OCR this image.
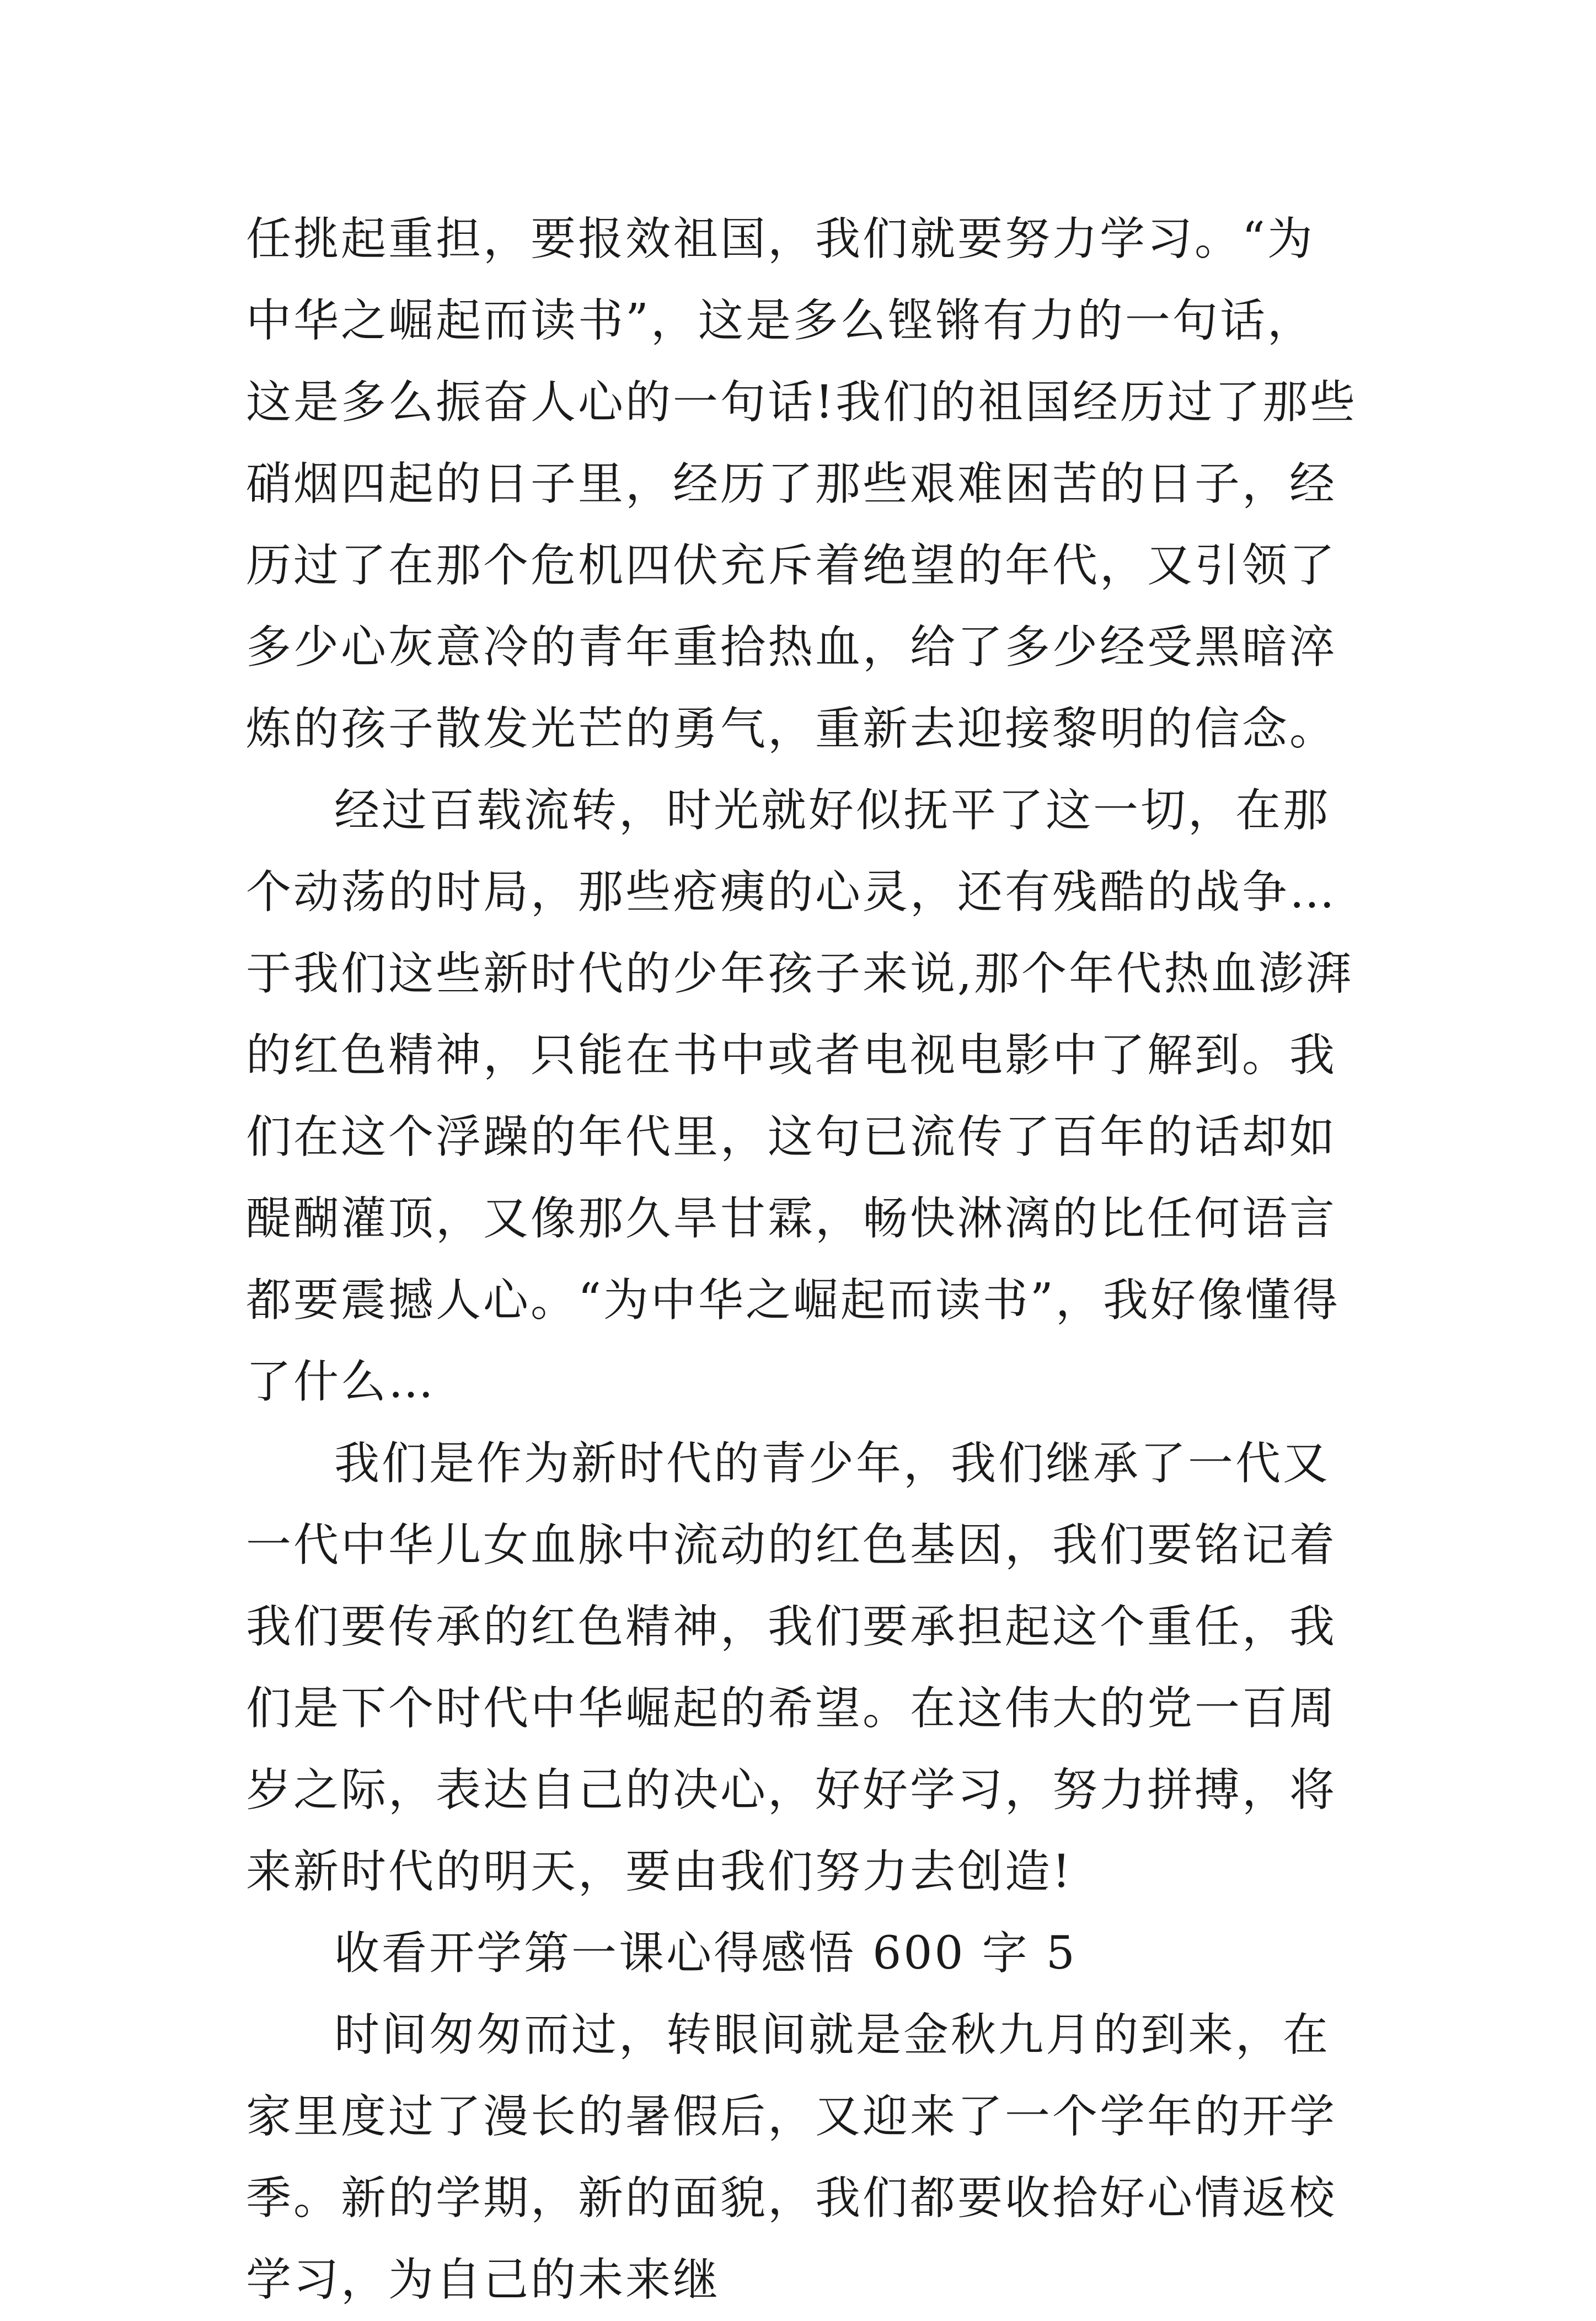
任挑起重担，要报效祖国，我们就要努力学习。“为中华之崛起而读书”，这是多么铿锵有力的一句话，这是多么振奋人心的一句话!我们的祖国经历过了那些硝烟四起的日子里，经历了那些艰难困苦的日子，经历过了在那个危机四伏充斥着绝望的年代，又引领了多少心灰意冷的青年重拾热血，给了多少经受黑暗淬炼的孩子散发光芒的勇气，重新去迎接黎明的信念。

经过百载流转，时光就好似抚平了这一切，在那个动荡的时局，那些疮痍的心灵，还有残酷的战争…于我们这些新时代的少年孩子来说,那个年代热血澎湃的红色精神，只能在书中或者电视电影中了解到。我们在这个浮躁的年代里，这句已流传了百年的话却如醍醐灌顶，又像那久旱甘霖，畅快淋漓的比任何语言都要震撼人心。“为中华之崛起而读书”，我好像懂得了什么…

我们是作为新时代的青少年，我们继承了一代又一代中华儿女血脉中流动的红色基因，我们要铭记着我们要传承的红色精神，我们要承担起这个重任，我们是下个时代中华崛起的希望。在这伟大的党一百周岁之际，表达自己的决心，好好学习，努力拼搏，将来新时代的明天，要由我们努力去创造!

收看开学第一课心得感悟 600 字 5

时间匆匆而过，转眼间就是金秋九月的到来，在家里度过了漫长的暑假后，又迎来了一个学年的开学季。新的学期，新的面貌，我们都要收拾好心情返校学习，为自己的未来继
